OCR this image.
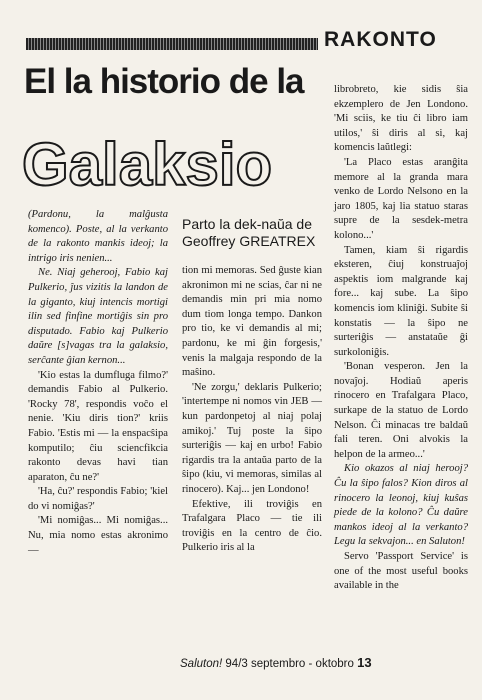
RAKONTO
El la historio de la
Galaksio

(Pardonu, la malĝusta komenco). Poste, al la verkanto de la rakonto mankis ideoj; la intrigo iris nenien...

Ne. Niaj geherooj, Fabio kaj Pulkerio, ĵus vizitis la landon de la giganto, kiuj intencis mortigi ilin sed finfine mortiĝis sin pro disputado. Fabio kaj Pulkerio daŭre [s]vagas tra la galaksio, serĉante ĝian kernon...

'Kio estas la dumfluga filmo?' demandis Fabio al Pulkerio. 'Rocky 78', respondis voĉo el nenie. 'Kiu diris tion?' kriis Fabio. 'Estis mi — la enspacŝipa komputilo; ĉiu sciencfikcia rakonto devas havi tian aparaton, ĉu ne?'

'Ha, ĉu?' respondis Fabio; 'kiel do vi nomiĝas?'

'Mi nomiĝas... Mi nomiĝas... Nu, mia nomo estas akronimo —

Parto la dek-naŭa de Geoffrey GREATREX

tion mi memoras. Sed ĝuste kian akronimon mi ne scias, ĉar ni ne demandis min pri mia nomo dum tiom longa tempo. Dankon pro tio, ke vi demandis al mi; pardonu, ke mi ĝin forgesis,' venis la malgaja respondo de la maŝino.

'Ne zorgu,' deklaris Pulkerio; 'intertempe ni nomos vin JEB — kun pardonpetoj al niaj polaj amikoj.' Tuj poste la ŝipo surteriĝis — kaj en urbo! Fabio rigardis tra la antaŭa parto de la ŝipo (kiu, vi memoras, similas al rinocero). Kaj... jen Londono!

Efektive, ili troviĝis en Trafalgara Placo — tie ili troviĝis en la centro de ĉio. Pulkerio iris al la

librobreto, kie sidis ŝia ekzemplero de Jen Londono. 'Mi sciis, ke tiu ĉi libro iam utilos,' ŝi diris al si, kaj komencis laŭtlegi:

'La Placo estas aranĝita memore al la granda mara venko de Lordo Nelsono en la jaro 1805, kaj lia statuo staras supre de la sesdek-metra kolono...'

Tamen, kiam ŝi rigardis eksteren, ĉiuj konstruaĵoj aspektis iom malgrande kaj fore... kaj sube. La ŝipo komencis iom kliniĝi. Subite ŝi konstatis — la ŝipo ne surteriĝis — anstataŭe ĝi surkoloniĝis.

'Bonan vesperon. Jen la novaĵoj. Hodiaŭ aperis rinocero en Trafalgara Placo, surkape de la statuo de Lordo Nelson. Ĉi minacas tre baldaŭ fali teren. Oni alvokis la helpon de la armeo...'

Kio okazos al niaj herooj? Ĉu la ŝipo falos? Kion diros al rinocero la leonoj, kiuj kuŝas piede de la kolono? Ĉu daŭre mankos ideoj al la verkanto? Legu la sekvajon... en Saluton!

Servo 'Passport Service' is one of the most useful books available in the

Saluton! 94/3 septembro - oktobro 13
